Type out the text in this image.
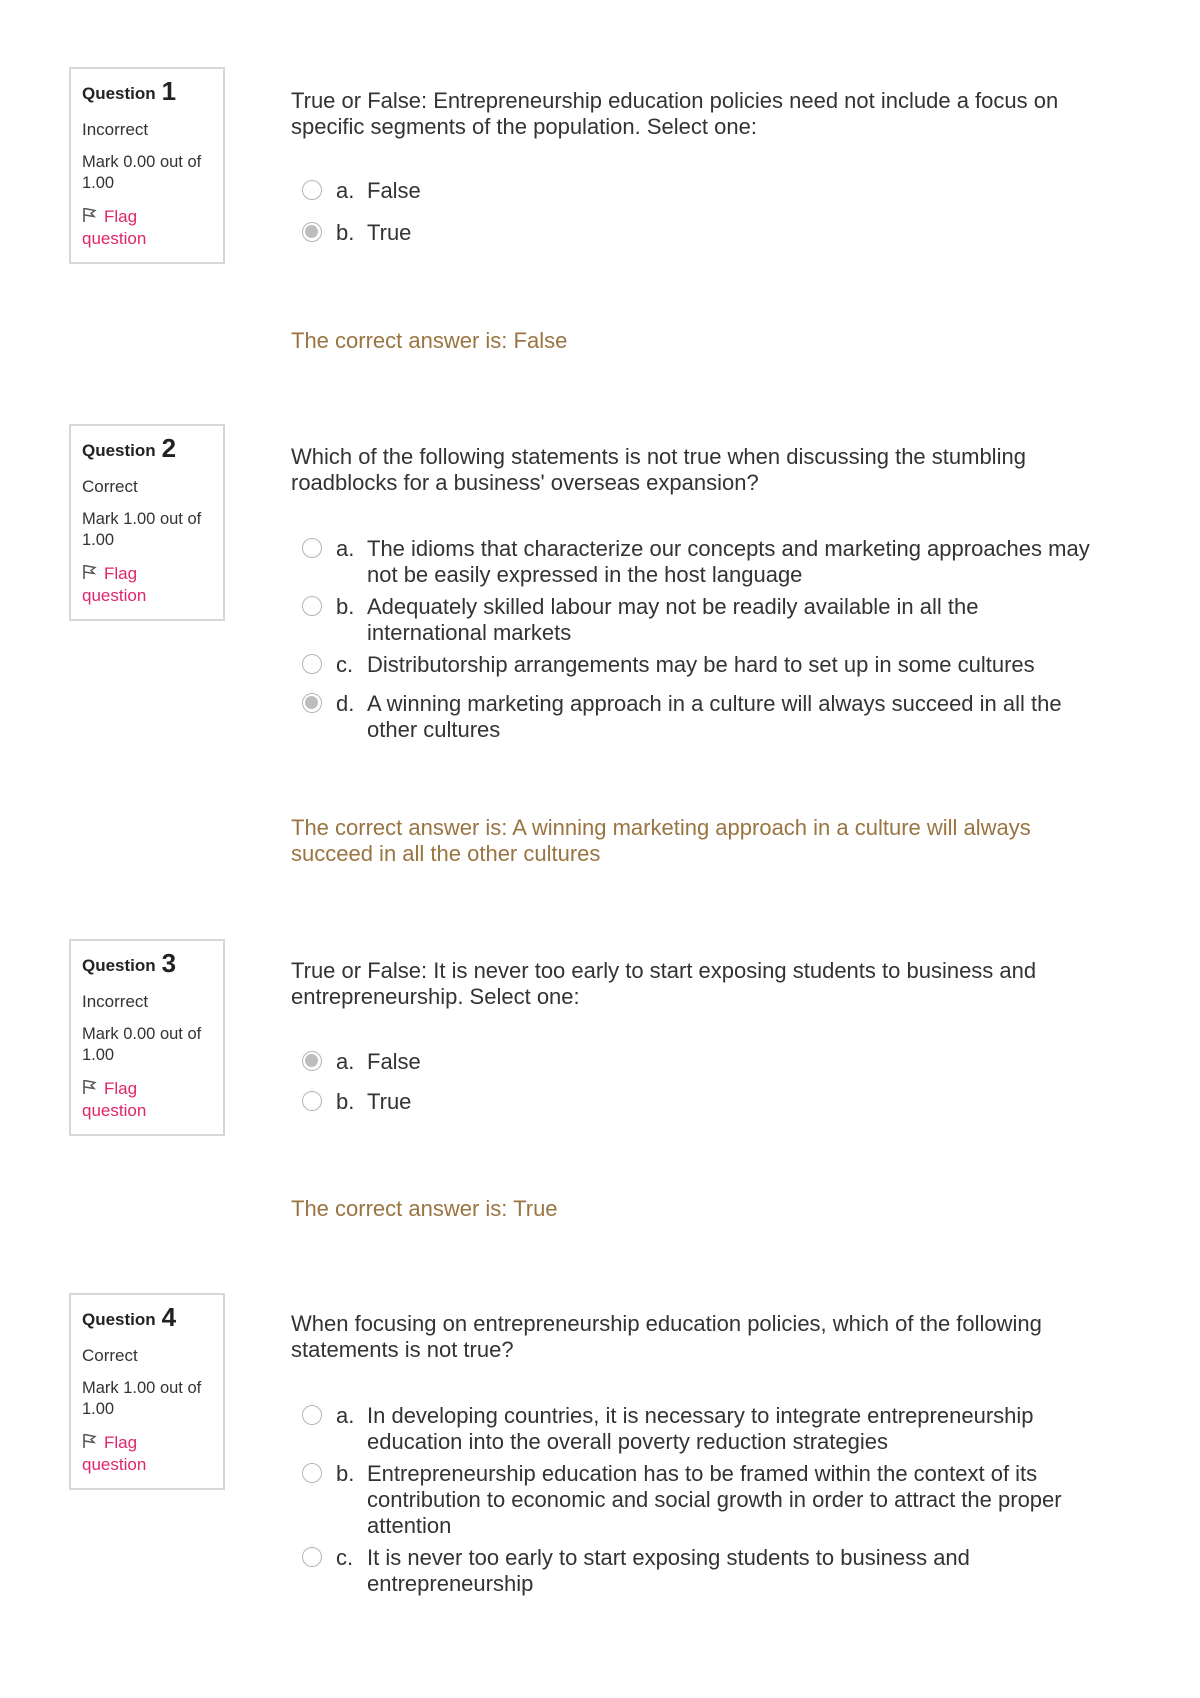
Question 1
Incorrect
Mark 0.00 out of 1.00
Flag question
True or False: Entrepreneurship education policies need not include a focus on specific segments of the population. Select one:
a. False
b. True
The correct answer is: False
Question 2
Correct
Mark 1.00 out of 1.00
Flag question
Which of the following statements is not true when discussing the stumbling roadblocks for a business' overseas expansion?
a. The idioms that characterize our concepts and marketing approaches may not be easily expressed in the host language
b. Adequately skilled labour may not be readily available in all the international markets
c. Distributorship arrangements may be hard to set up in some cultures
d. A winning marketing approach in a culture will always succeed in all the other cultures
The correct answer is: A winning marketing approach in a culture will always succeed in all the other cultures
Question 3
Incorrect
Mark 0.00 out of 1.00
Flag question
True or False: It is never too early to start exposing students to business and entrepreneurship. Select one:
a. False
b. True
The correct answer is: True
Question 4
Correct
Mark 1.00 out of 1.00
Flag question
When focusing on entrepreneurship education policies, which of the following statements is not true?
a. In developing countries, it is necessary to integrate entrepreneurship education into the overall poverty reduction strategies
b. Entrepreneurship education has to be framed within the context of its contribution to economic and social growth in order to attract the proper attention
c. It is never too early to start exposing students to business and entrepreneurship
